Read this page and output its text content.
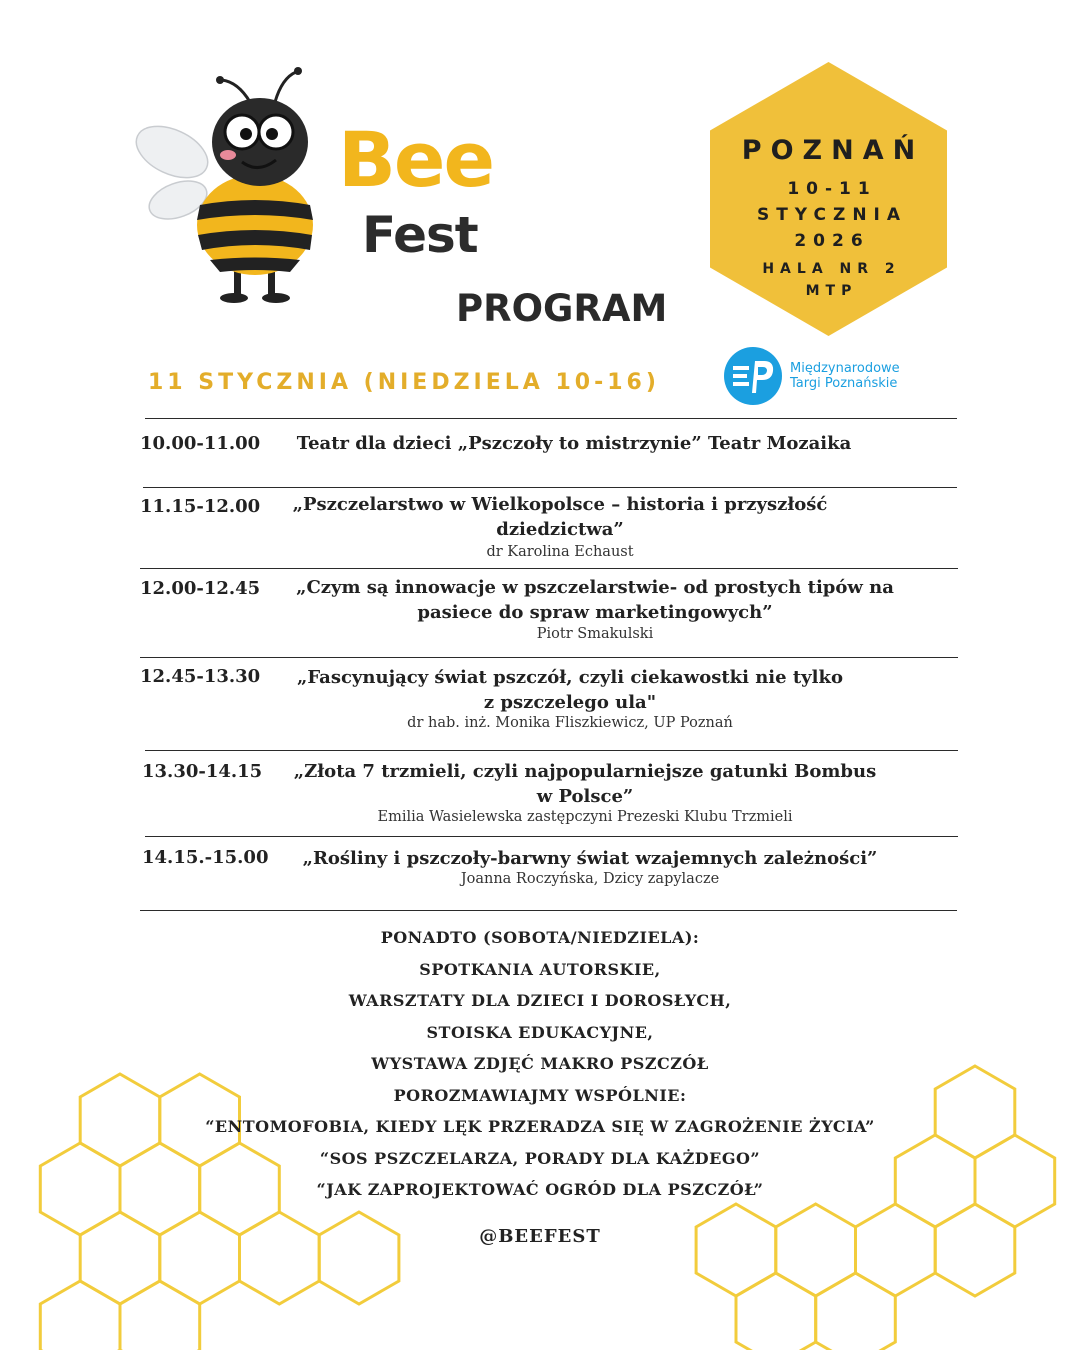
Bee
Fest
PROGRAM
POZNAŃ
10-11
STYCZNIA
2026
HALA NR 2
MTP
Międzynarodowe
Targi Poznańskie
11 STYCZNIA (NIEDZIELA 10-16)
10.00-11.00	Teatr dla dzieci „Pszczoły to mistrzynie” Teatr Mozaika
11.15-12.00	„Pszczelarstwo w Wielkopolsce – historia i przyszłość
dziedzictwa”
dr Karolina Echaust
12.00-12.45	„Czym są innowacje w pszczelarstwie- od prostych tipów na
pasiece do spraw marketingowych”
Piotr Smakulski
12.45-13.30	„Fascynujący świat pszczół, czyli ciekawostki nie tylko
z pszczelego ula"
dr hab. inż. Monika Fliszkiewicz, UP Poznań
13.30-14.15	„Złota 7 trzmieli, czyli najpopularniejsze gatunki Bombus
w Polsce”
Emilia Wasielewska zastępczyni Prezeski Klubu Trzmieli
14.15.-15.00	„Rośliny i pszczoły-barwny świat wzajemnych zależności”
Joanna Roczyńska, Dzicy zapylacze
PONADTO (SOBOTA/NIEDZIELA):
SPOTKANIA AUTORSKIE,
WARSZTATY DLA DZIECI I DOROSŁYCH,
STOISKA EDUKACYJNE,
WYSTAWA ZDJĘĆ MAKRO PSZCZÓŁ
POROZMAWIAJMY WSPÓLNIE:
“ENTOMOFOBIA, KIEDY LĘK PRZERADZA SIĘ W ZAGROŻENIE ŻYCIA”
“SOS PSZCZELARZA, PORADY DLA KAŻDEGO”
“JAK ZAPROJEKTOWAĆ OGRÓD DLA PSZCZÓŁ”
@BEEFEST
